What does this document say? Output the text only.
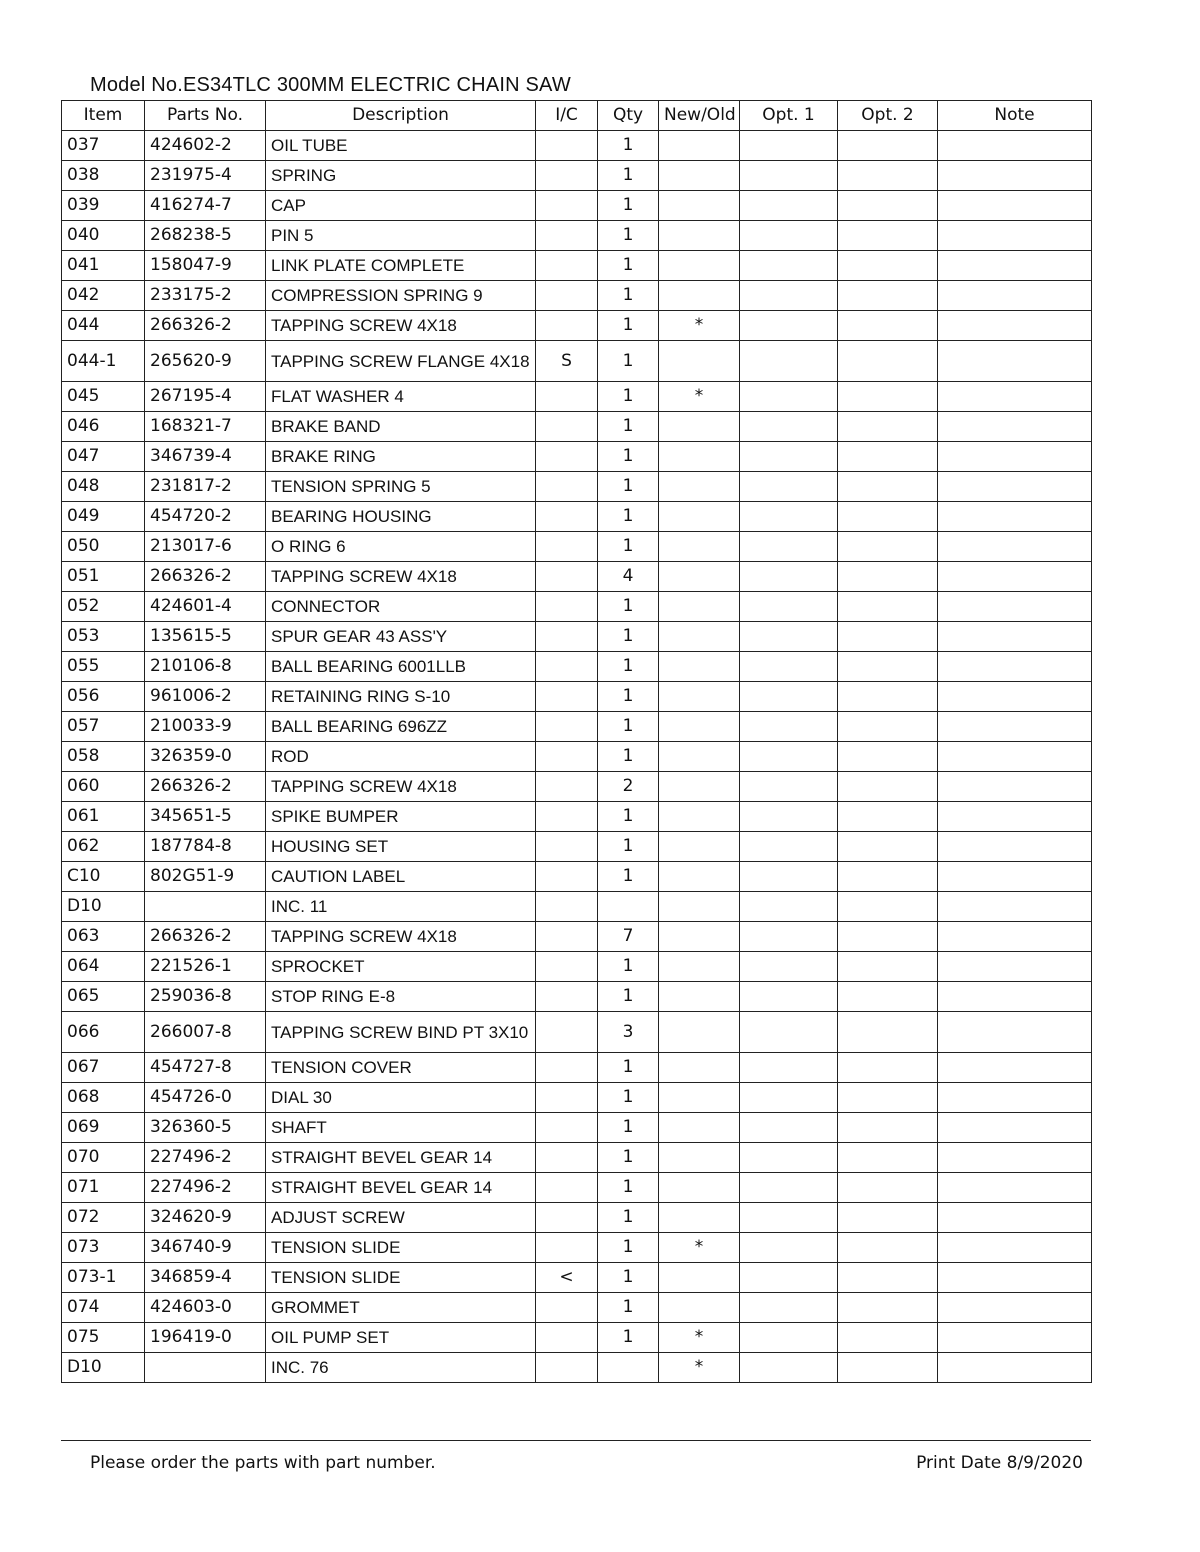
Model No.ES34TLC 300MM ELECTRIC CHAIN SAW
Item	Parts No.	Description	I/C	Qty	New/Old	Opt. 1	Opt. 2	Note
037	424602-2	OIL TUBE		1				
038	231975-4	SPRING		1				
039	416274-7	CAP		1				
040	268238-5	PIN 5		1				
041	158047-9	LINK PLATE COMPLETE		1				
042	233175-2	COMPRESSION SPRING 9		1				
044	266326-2	TAPPING SCREW 4X18		1	*			
044-1	265620-9	TAPPING SCREW FLANGE 4X18	S	1				
045	267195-4	FLAT WASHER 4		1	*			
046	168321-7	BRAKE BAND		1				
047	346739-4	BRAKE RING		1				
048	231817-2	TENSION SPRING 5		1				
049	454720-2	BEARING HOUSING		1				
050	213017-6	O RING 6		1				
051	266326-2	TAPPING SCREW 4X18		4				
052	424601-4	CONNECTOR		1				
053	135615-5	SPUR GEAR 43 ASS'Y		1				
055	210106-8	BALL BEARING 6001LLB		1				
056	961006-2	RETAINING RING S-10		1				
057	210033-9	BALL BEARING 696ZZ		1				
058	326359-0	ROD		1				
060	266326-2	TAPPING SCREW 4X18		2				
061	345651-5	SPIKE BUMPER		1				
062	187784-8	HOUSING SET		1				
C10	802G51-9	CAUTION LABEL		1				
D10		INC. 11						
063	266326-2	TAPPING SCREW 4X18		7				
064	221526-1	SPROCKET		1				
065	259036-8	STOP RING E-8		1				
066	266007-8	TAPPING SCREW BIND PT 3X10		3				
067	454727-8	TENSION COVER		1				
068	454726-0	DIAL 30		1				
069	326360-5	SHAFT		1				
070	227496-2	STRAIGHT BEVEL GEAR 14		1				
071	227496-2	STRAIGHT BEVEL GEAR 14		1				
072	324620-9	ADJUST SCREW		1				
073	346740-9	TENSION SLIDE		1	*			
073-1	346859-4	TENSION SLIDE	<	1				
074	424603-0	GROMMET		1				
075	196419-0	OIL PUMP SET		1	*			
D10		INC. 76			*			
Please order the parts with part number.	Print Date 8/9/2020
